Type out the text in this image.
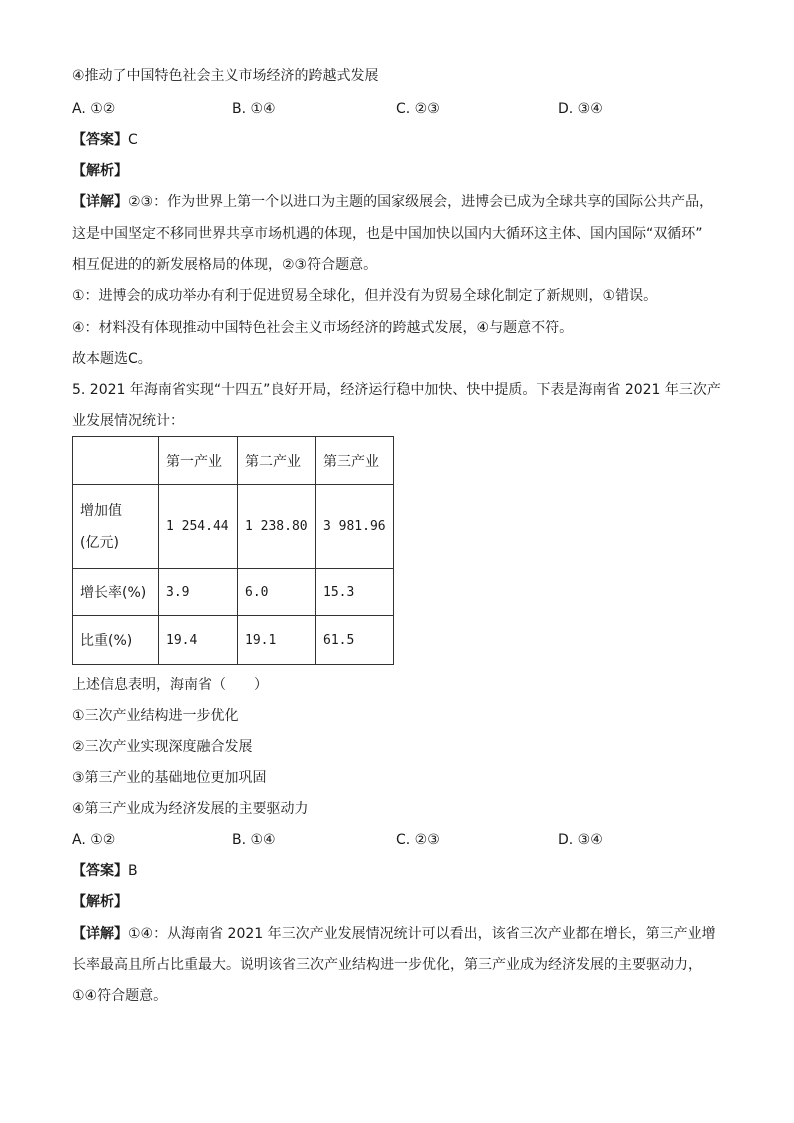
④推动了中国特色社会主义市场经济的跨越式发展
A. ①②	B. ①④	C. ②③	D. ③④
【答案】C
【解析】
【详解】②③：作为世界上第一个以进口为主题的国家级展会，进博会已成为全球共享的国际公共产品，
这是中国坚定不移同世界共享市场机遇的体现，也是中国加快以国内大循环这主体、国内国际“双循环”
相互促进的的新发展格局的体现，②③符合题意。
①：进博会的成功举办有利于促进贸易全球化，但并没有为贸易全球化制定了新规则，①错误。
④：材料没有体现推动中国特色社会主义市场经济的跨越式发展，④与题意不符。
故本题选C。
5. 2021 年海南省实现“十四五”良好开局，经济运行稳中加快、快中提质。下表是海南省 2021 年三次产
业发展情况统计：
	第一产业	第二产业	第三产业

增加值
(亿元)	1 254.44	1 238.80	3 981.96
增长率(%)	3.9	6.0	15.3
比重(%)	19.4	19.1	61.5
上述信息表明，海南省（　　）
①三次产业结构进一步优化
②三次产业实现深度融合发展
③第三产业的基础地位更加巩固
④第三产业成为经济发展的主要驱动力
A. ①②	B. ①④	C. ②③	D. ③④
【答案】B
【解析】
【详解】①④：从海南省 2021 年三次产业发展情况统计可以看出，该省三次产业都在增长，第三产业增
长率最高且所占比重最大。说明该省三次产业结构进一步优化，第三产业成为经济发展的主要驱动力，
①④符合题意。
